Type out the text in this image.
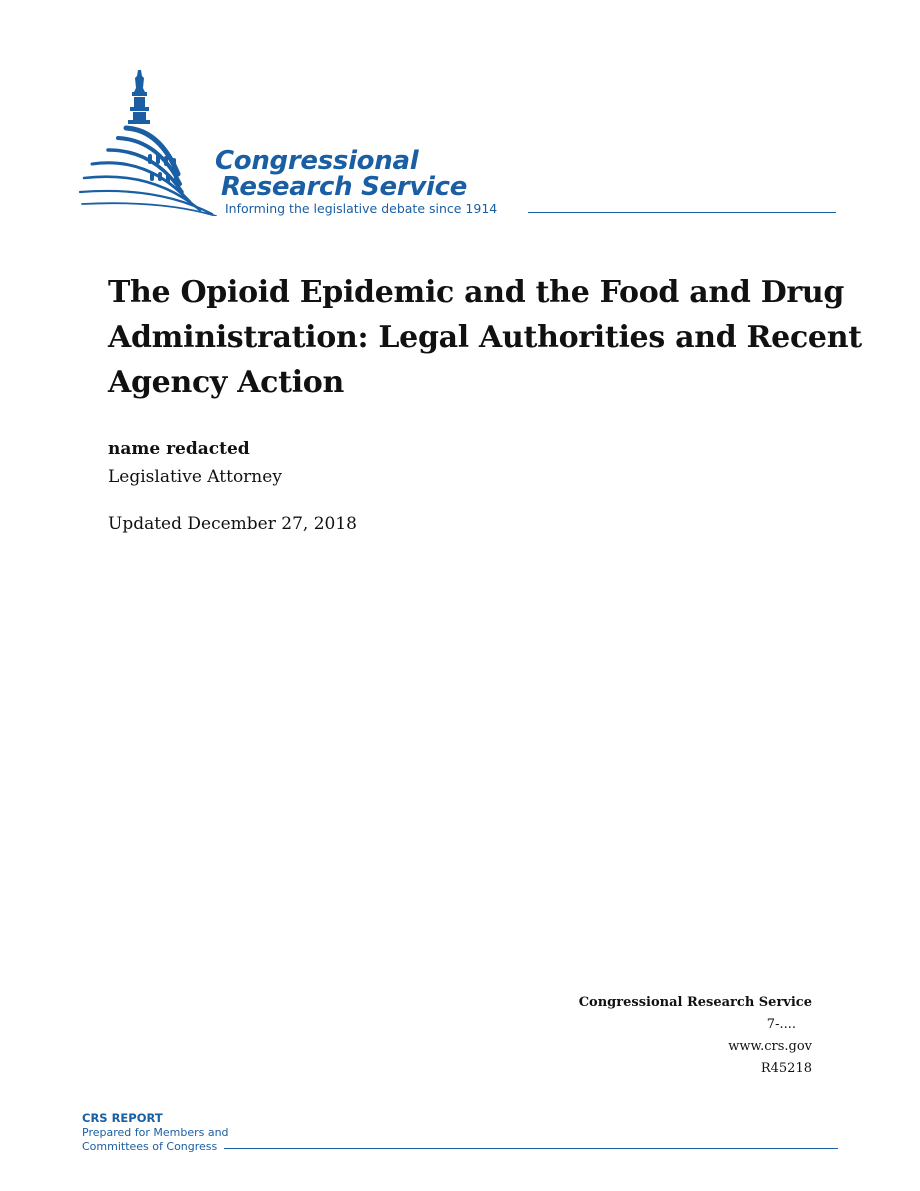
Congressional
Research Service
Informing the legislative debate since 1914
The Opioid Epidemic and the Food and Drug
Administration: Legal Authorities and Recent
Agency Action
name redacted
Legislative Attorney
Updated December 27, 2018
Congressional Research Service
7-....
www.crs.gov
R45218
CRS REPORT
Prepared for Members and
Committees of Congress
